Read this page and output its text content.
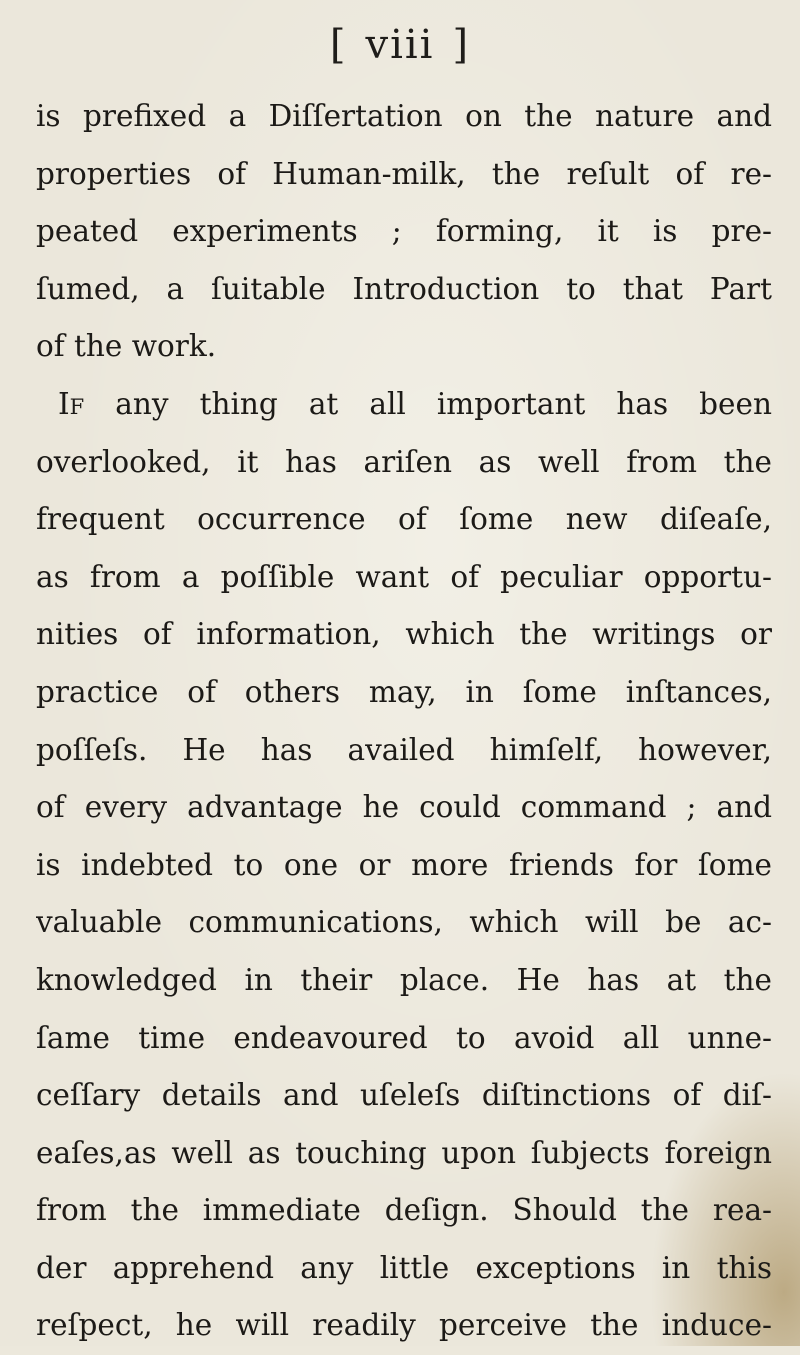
[ viii ]
is prefixed a Diſſertation on the nature and
properties of Human-milk, the reſult of re-
peated experiments ; forming, it is pre-
ſumed, a ſuitable Introduction to that Part
of the work.
If any thing at all important has been
overlooked, it has ariſen as well from the
frequent occurrence of ſome new diſeaſe,
as from a poſſible want of peculiar opportu-
nities of information, which the writings or
practice of others may, in ſome inſtances,
poſſeſs. He has availed himſelf, however,
of every advantage he could command ; and
is indebted to one or more friends for ſome
valuable communications, which will be ac-
knowledged in their place. He has at the
ſame time endeavoured to avoid all unne-
ceſſary details and uſeleſs diſtinctions of diſ-
eaſes,as well as touching upon ſubjects foreign
from the immediate deſign. Should the rea-
der apprehend any little exceptions in this
reſpect, he will readily perceive the induce-
